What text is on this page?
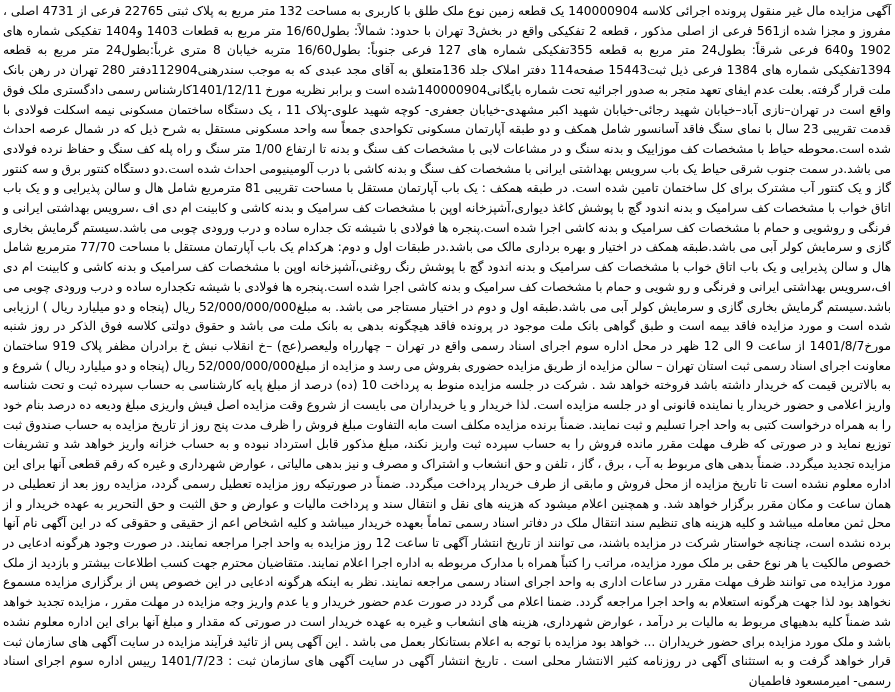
آگهی مزایده مال غیر منقول پرونده اجرائی کلاسه 140000904 یک قطعه زمین نوع ملک طلق با کاربری به مساحت 132 متر مربع به پلاک ثبتی 22765 فرعی از 4731 اصلی ، مفروز و مجزا شده از561 فرعی از اصلی مذکور ، قطعه 2 تفکیکی واقع در بخش3 تهران با حدود: شمالاً: بطول16/60 متر مربع به قطعات 1403 و1404 تفکیکی شماره های 1902 و640 فرعی شرقاً: بطول24 متر مربع به قطعه 355تفکیکی شماره های 127 فرعی جنوباً: بطول16/60 متربه خیابان 8 متری غرباً:بطول24 متر مربع به قطعه 1394تفکیکی شماره های 1384 فرعی ذیل ثبت15443 صفحه114 دفتر املاک جلد 136متعلق به آقای مجد عبدی که به موجب سندرهنی112904دفتر 280 تهران در رهن بانک ملت قرار گرفته. بعلت عدم ایفای تعهد متجر به صدور اجرائیه تحت شماره بایگانی140000904شده است و برابر نظریه مورخ 1401/12/11کارشناس رسمی دادگستری ملک فوق واقع است در تهران–نازی آباد–خیابان شهید رجائی-خیابان شهید اکبر مشهدی-خیابان جعفری- کوچه شهید علوی-پلاک 11 ، یک دستگاه ساختمان مسکونی نیمه اسکلت فولادی با قدمت تقریبی 23 سال با نمای سنگ فاقد آسانسور شامل همکف و دو طبقه آپارتمان مسکونی تکواحدی جمعاً سه واحد مسکونی مستقل به شرح ذیل که در شمال عرصه احداث شده است.محوطه حیاط با مشخصات کف موزاییک و بدنه سنگ و در مشاعات لابی با مشخصات کف سنگ و بدنه تا ارتفاع 1/00 متر سنگ و راه پله کف سنگ و حفاظ نرده فولادی می باشد.در سمت جنوب شرقی حیاط یک باب سرویس بهداشتی ایرانی با مشخصات کف سنگ و بدنه کاشی با درب آلومینیومی احداث شده است.دو دستگاه کنتور برق و سه کنتور گاز و یک کنتور آب مشترک برای کل ساختمان تامین شده است. در طبقه همکف : یک باب آپارتمان مستقل با مساحت تقریبی 81 مترمربع شامل هال و سالن پذیرایی و و یک باب اتاق خواب با مشخصات کف سرامیک و بدنه اندود گچ با پوشش کاغذ دیواری،آشپزخانه اوپن با مشخصات کف سرامیک و بدنه کاشی و کابینت ام دی اف ،سرویس بهداشتی ایرانی و فرنگی و روشویی و حمام با مشخصات کف سرامیک و بدنه کاشی اجرا شده است.پنجره ها فولادی با شیشه تک جداره ساده و درب ورودی چوبی می باشد.سیستم گرمایش بخاری گازی و سرمایش کولر آبی می باشد.طبقه همکف در اختیار و بهره برداری مالک می باشد.در طبقات اول و دوم: هرکدام یک باب آپارتمان مستقل با مساحت 77/70 مترمربع شامل هال و سالن پذیرایی و یک باب اتاق خواب با مشخصات کف سرامیک و بدنه اندود گچ با پوشش رنگ روغنی،آشپزخانه اوپن با مشخصات کف سرامیک و بدنه کاشی و کابینت ام دی اف،سرویس بهداشتی ایرانی و فرنگی و رو شویی و حمام با مشخصات کف سرامیک و بدنه کاشی اجرا شده است.پنجره ها فولادی با شیشه تکجداره ساده و درب ورودی چوبی می باشد.سیستم گرمایش بخاری گازی و سرمایش کولر آبی می باشد.طبقه اول و دوم در اختیار مستاجر می باشد. به مبلغ52/000/000/000 ریال (پنجاه و دو میلیارد ریال ) ارزیابی شده است و مورد مزایده فاقد بیمه است و طبق گواهی بانک ملت موجود در پرونده فاقد هیچگونه بدهی به بانک ملت می باشد و حقوق دولتی کلاسه فوق الذکر در روز شنبه مورخ1401/8/7 از ساعت 9 الی 12 ظهر در محل اداره سوم اجرای اسناد رسمی واقع در تهران – چهارراه ولیعصر(عج) –خ انقلاب نبش خ برادران مظفر پلاک 919 ساختمان معاونت اجرای اسناد رسمی ثبت استان تهران – سالن مزایده از طریق مزایده حضوری بفروش می رسد و مزایده از مبلغ52/000/000/000 ریال (پنجاه و دو میلیارد ریال ) شروع و به بالاترین قیمت که خریدار داشته باشد فروخته خواهد شد . شرکت در جلسه مزایده منوط به پرداخت 10 (ده) درصد از مبلغ پایه کارشناسی به حساب سپرده ثبت و تحت شناسه واریز اعلامی و حضور خریدار یا نماینده قانونی او در جلسه مزایده است. لذا خریدار و یا خریداران می بایست از شروع وقت مزایده اصل فیش واریزی مبلغ ودیعه ده درصد بنام خود را به همراه درخواست کتبی به واحد اجرا تسلیم و ثبت نمایند. ضمناً برنده مزایده مکلف است مابه التفاوت مبلغ فروش را ظرف مدت پنج روز از تاریخ مزایده به حساب صندوق ثبت توزیع نماید و در صورتی که ظرف مهلت مقرر مانده فروش را به حساب سپرده ثبت واریز نکند، مبلغ مذکور قابل استرداد نبوده و به حساب خزانه واریز خواهد شد و تشریفات مزایده تجدید میگردد. ضمناً بدهی های مربوط به آب ، برق ، گاز ، تلفن و حق انشعاب و اشتراک و مصرف و نیز بدهی مالیاتی ، عوارض شهرداری و غیره که رقم قطعی آنها برای این اداره معلوم نشده است تا تاریخ مزایده از محل فروش و مابقی از طرف خریدار پرداخت میگردد. ضمناً در صورتیکه روز مزایده تعطیل رسمی گردد، مزایده روز بعد از تعطیلی در همان ساعت و مکان مقرر برگزار خواهد شد. و همچنین اعلام میشود که هزینه های نقل و انتقال سند و پرداخت مالیات و عوارض و حق الثبت و حق التحریر به عهده خریدار و از محل ثمن معامله میباشد و کلیه هزینه های تنظیم سند انتقال ملک در دفاتر اسناد رسمی تماماً بعهده خریدار میباشد و کلیه اشخاص اعم از حقیقی و حقوقی که در این آگهی نام آنها برده نشده است، چنانچه خواستار شرکت در مزایده باشند، می توانند از تاریخ انتشار آگهی تا ساعت 12 روز مزایده به واحد اجرا مراجعه نمایند. در صورت وجود هرگونه ادعایی در خصوص مالکیت یا هر نوع حقی بر ملک مورد مزایده، مراتب را کتباً همراه با مدارک مربوطه به اداره اجرا اعلام نمایند. متقاضیان محترم جهت کسب اطلاعات بیشتر و بازدید از ملک مورد مزایده می توانند ظرف مهلت مقرر در ساعات اداری به واحد اجرای اسناد رسمی مراجعه نمایند. نظر به اینکه هرگونه ادعایی در این خصوص پس از برگزاری مزایده مسموع نخواهد بود لذا جهت هرگونه استعلام به واحد اجرا مراجعه گردد. ضمنا اعلام می گردد در صورت عدم حضور خریدار و یا عدم واریز وجه مزایده در مهلت مقرر ، مزایده تجدید خواهد شد ضمناً کلیه بدهیهای مربوط به مالیات بر درآمد ، عوارض شهرداری، هزینه های انشعاب و غیره به عهده خریدار است در صورتی که مقدار و مبلغ آنها برای این اداره معلوم نشده باشد و ملک مورد مزایده برای حضور خریداران ... خواهد بود مزایده با توجه به اعلام بستانکار بعمل می باشد . این آگهی پس از تائید فرآیند مزایده در سایت آگهی های سازمان ثبت قرار خواهد گرفت و به استثنای آگهی در روزنامه کثیر الانتشار محلی است . تاریخ انتشار آگهی در سایت آگهی های سازمان ثبت : 1401/7/23 رییس اداره سوم اجرای اسناد رسمی- امیرمسعود فاطمیان
